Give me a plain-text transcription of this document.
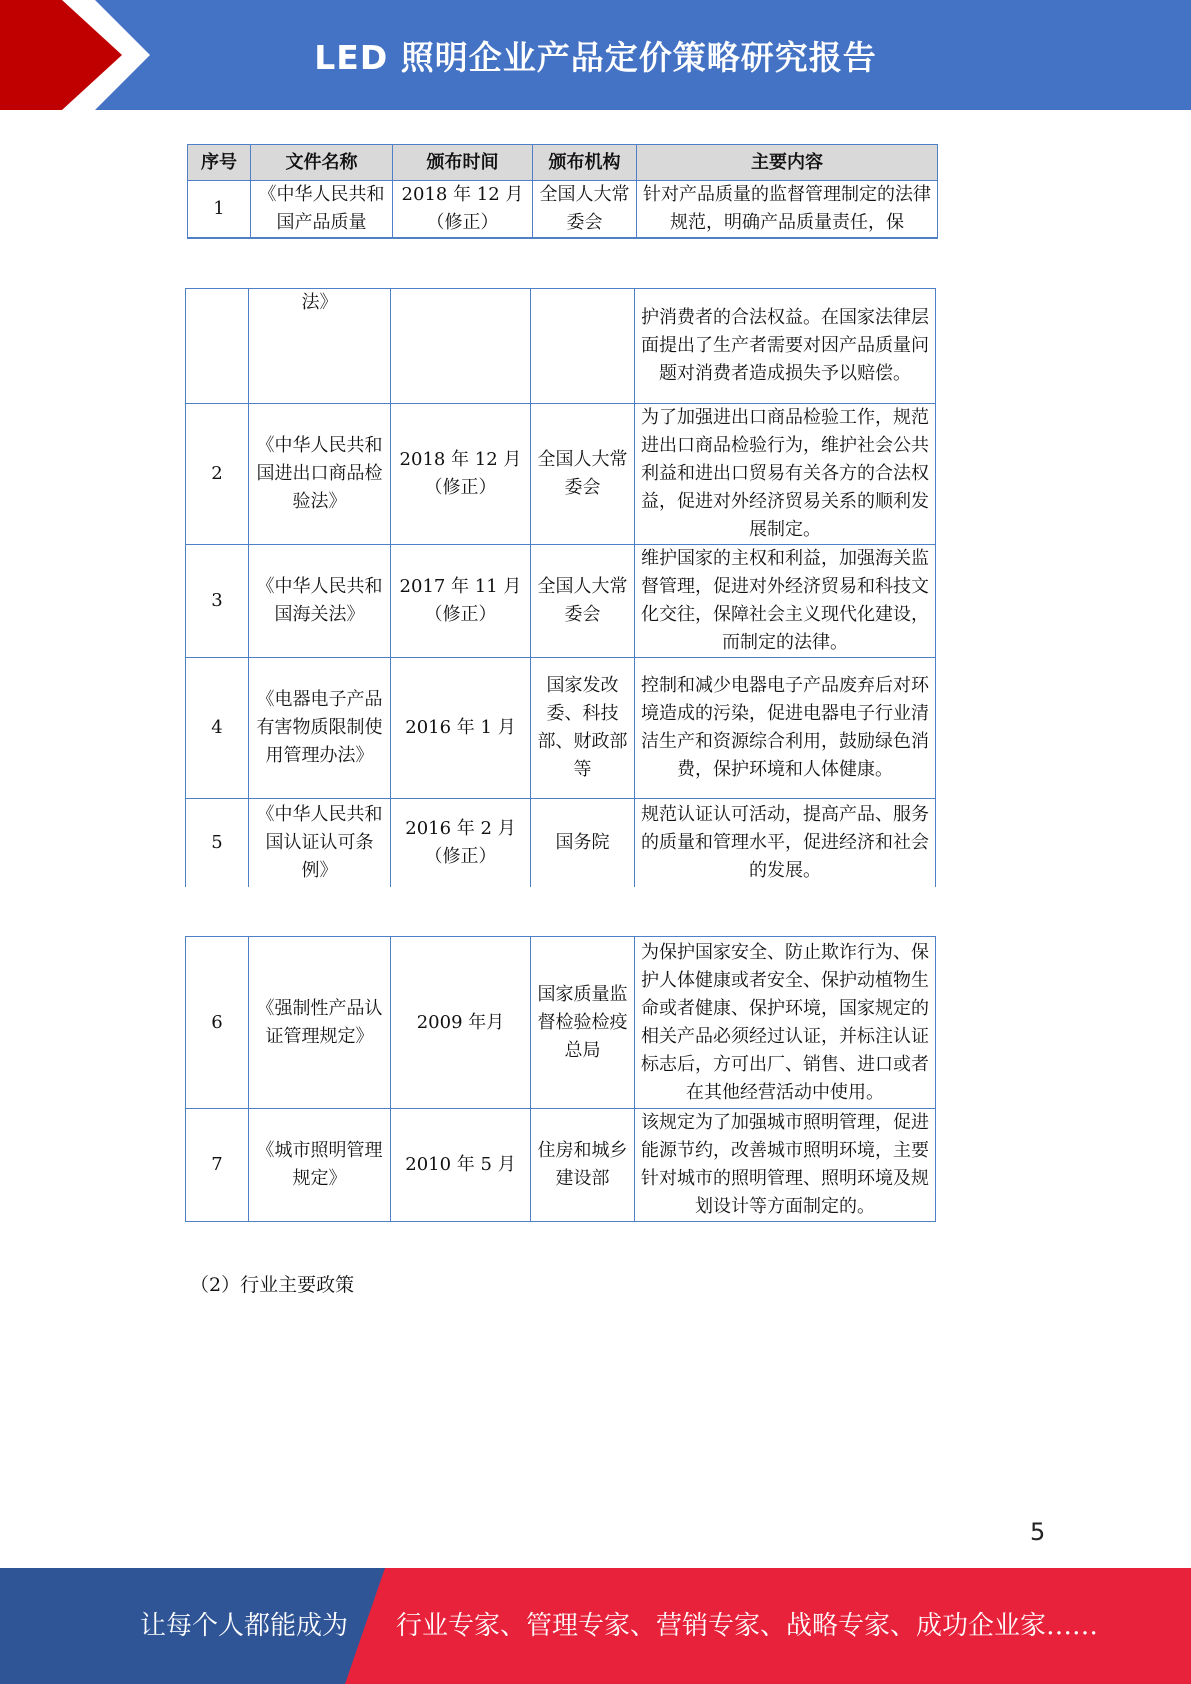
LED 照明企业产品定价策略研究报告
序号	文件名称	颁布时间	颁布机构	主要内容
1	《中华人民共和国产品质量	2018 年 12 月（修正）	全国人大常委会	针对产品质量的监督管理制定的法律规范，明确产品质量责任，保
	法》			护消费者的合法权益。在国家法律层面提出了生产者需要对因产品质量问题对消费者造成损失予以赔偿。
2	《中华人民共和国进出口商品检验法》	2018 年 12 月（修正）	全国人大常委会	为了加强进出口商品检验工作，规范进出口商品检验行为，维护社会公共利益和进出口贸易有关各方的合法权益，促进对外经济贸易关系的顺利发展制定。
3	《中华人民共和国海关法》	2017 年 11 月（修正）	全国人大常委会	维护国家的主权和利益，加强海关监督管理，促进对外经济贸易和科技文化交往，保障社会主义现代化建设，而制定的法律。
4	《电器电子产品有害物质限制使用管理办法》	2016 年 1 月	国家发改委、科技部、财政部等	控制和减少电器电子产品废弃后对环境造成的污染，促进电器电子行业清洁生产和资源综合利用，鼓励绿色消费，保护环境和人体健康。
5	《中华人民共和国认证认可条例》	2016 年 2 月（修正）	国务院	规范认证认可活动，提高产品、服务的质量和管理水平，促进经济和社会的发展。
6	《强制性产品认证管理规定》	2009 年月	国家质量监督检验检疫总局	为保护国家安全、防止欺诈行为、保护人体健康或者安全、保护动植物生命或者健康、保护环境，国家规定的相关产品必须经过认证，并标注认证标志后，方可出厂、销售、进口或者在其他经营活动中使用。
7	《城市照明管理规定》	2010 年 5 月	住房和城乡建设部	该规定为了加强城市照明管理，促进能源节约，改善城市照明环境，主要针对城市的照明管理、照明环境及规划设计等方面制定的。
（2）行业主要政策
5
让每个人都能成为 行业专家、管理专家、营销专家、战略专家、成功企业家……
